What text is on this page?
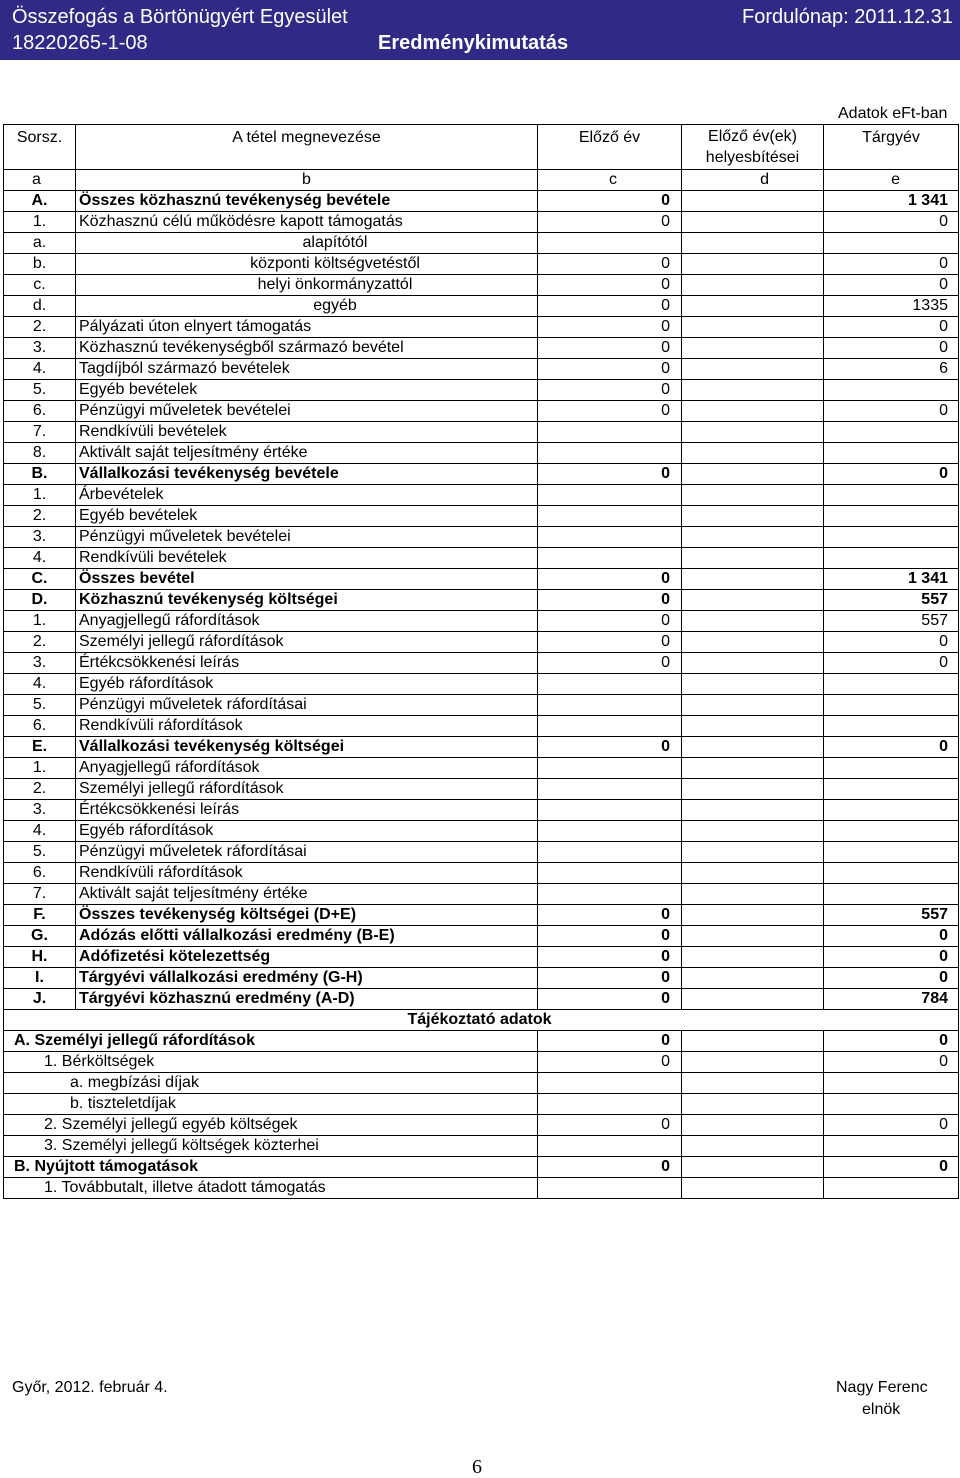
Összefogás a Börtönügyért Egyesület
18220265-1-08
Fordulónap: 2011.12.31
Eredménykimutatás
Adatok eFt-ban
Sorsz.	A tétel megnevezése	Előző év	Előző év(ek)
helyesbítései	Tárgyév
a	b	c	d	e
A.	Összes közhasznú tevékenység bevétele	0		1 341
1.	Közhasznú célú működésre kapott támogatás	0		0
a.	alapítótól			
b.	központi költségvetéstől	0		0
c.	helyi önkormányzattól	0		0
d.	egyéb	0		1335
2.	Pályázati úton elnyert támogatás	0		0
3.	Közhasznú tevékenységből származó bevétel	0		0
4.	Tagdíjból származó bevételek	0		6
5.	Egyéb bevételek	0		
6.	Pénzügyi műveletek bevételei	0		0
7.	Rendkívüli bevételek			
8.	Aktivált saját teljesítmény értéke			
B.	Vállalkozási tevékenység bevétele	0		0
1.	Árbevételek			
2.	Egyéb bevételek			
3.	Pénzügyi műveletek bevételei			
4.	Rendkívüli bevételek			
C.	Összes bevétel	0		1 341
D.	Közhasznú tevékenység költségei	0		557
1.	Anyagjellegű ráfordítások	0		557
2.	Személyi jellegű ráfordítások	0		0
3.	Értékcsökkenési leírás	0		0
4.	Egyéb ráfordítások			
5.	Pénzügyi műveletek ráfordításai			
6.	Rendkívüli ráfordítások			
E.	Vállalkozási tevékenység költségei	0		0
1.	Anyagjellegű ráfordítások			
2.	Személyi jellegű ráfordítások			
3.	Értékcsökkenési leírás			
4.	Egyéb ráfordítások			
5.	Pénzügyi műveletek ráfordításai			
6.	Rendkívüli ráfordítások			
7.	Aktivált saját teljesítmény értéke			
F.	Összes tevékenység költségei (D+E)	0		557
G.	Adózás előtti vállalkozási eredmény (B-E)	0		0
H.	Adófizetési kötelezettség	0		0
I.	Tárgyévi vállalkozási eredmény (G-H)	0		0
J.	Tárgyévi közhasznú eredmény (A-D)	0		784
Tájékoztató adatok				
A. Személyi jellegű ráfordítások		0		0
1. Bérköltségek		0		0
a. megbízási díjak				
b. tiszteletdíjak				
2. Személyi jellegű egyéb költségek		0		0
3. Személyi jellegű költségek közterhei				
B. Nyújtott támogatások		0		0
1. Továbbutalt, illetve átadott támogatás				
Győr, 2012. február 4.	Nagy Ferenc
elnök
6
